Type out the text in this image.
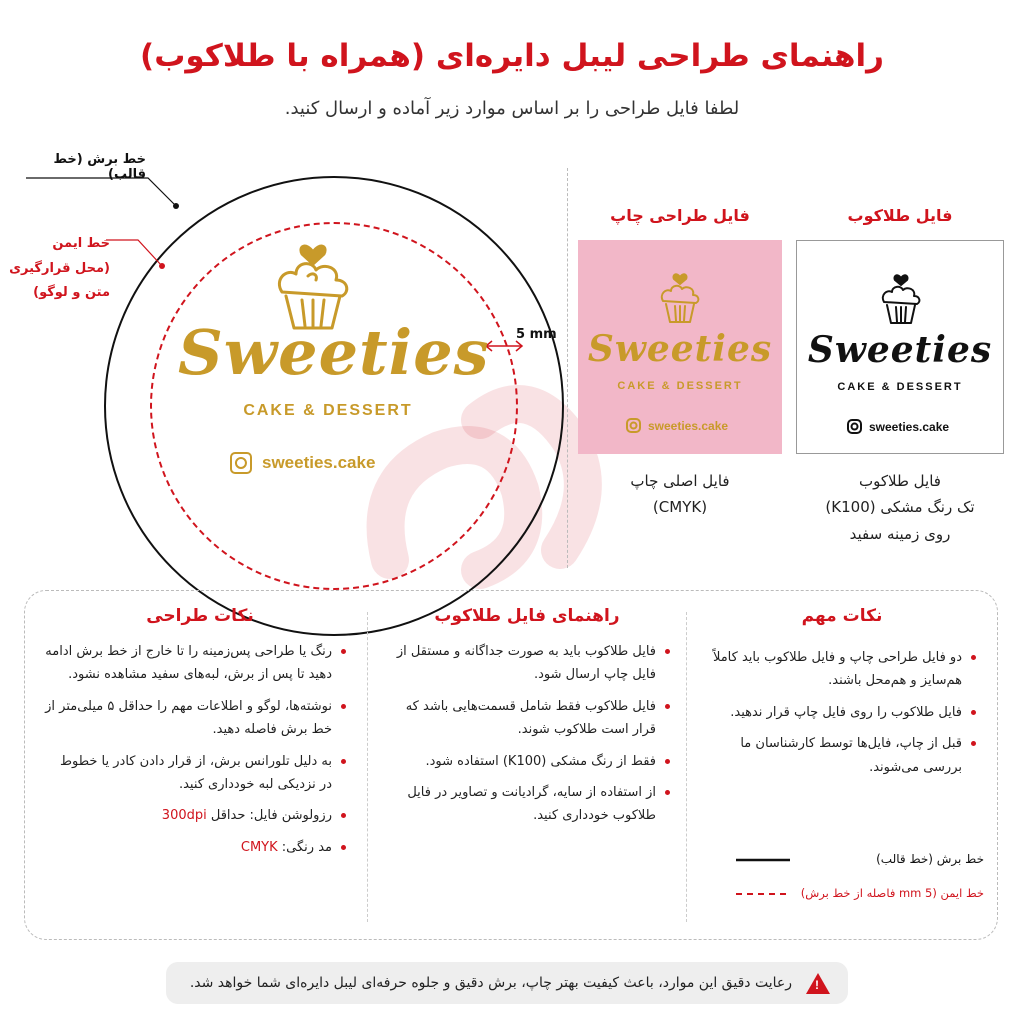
راهنمای طراحی لیبل دایره‌ای (همراه با طلاکوب)
لطفا فایل طراحی را بر اساس موارد زیر آماده و ارسال کنید.
خط برش (خط قالب)
خط ایمن
(محل قرارگیری
متن و لوگو)
5 mm
Sweeties
CAKE & DESSERT
sweeties.cake
فایل طراحی چاپ
Sweeties
CAKE & DESSERT
sweeties.cake
فایل اصلی چاپ
(CMYK)
فایل طلاکوب
Sweeties
CAKE & DESSERT
sweeties.cake
فایل طلاکوب
تک رنگ مشکی (K100)
روی زمینه سفید
نکات طراحی
رنگ یا طراحی پس‌زمینه را تا خارج از خط برش ادامه دهید تا پس از برش، لبه‌های سفید مشاهده نشود.
نوشته‌ها، لوگو و اطلاعات مهم را حداقل ۵ میلی‌متر از خط برش فاصله دهید.
به دلیل تلورانس برش، از قرار دادن کادر یا خطوط در نزدیکی لبه خودداری کنید.
رزولوشن فایل: حداقل 300dpi
مد رنگی: CMYK
راهنمای فایل طلاکوب
فایل طلاکوب باید به صورت جداگانه و مستقل از فایل چاپ ارسال شود.
فایل طلاکوب فقط شامل قسمت‌هایی باشد که قرار است طلاکوب شوند.
فقط از رنگ مشکی (K100) استفاده شود.
از استفاده از سایه، گرادیانت و تصاویر در فایل طلاکوب خودداری کنید.
نکات مهم
دو فایل طراحی چاپ و فایل طلاکوب باید کاملاً هم‌سایز و هم‌محل باشند.
فایل طلاکوب را روی فایل چاپ قرار ندهید.
قبل از چاپ، فایل‌ها توسط کارشناسان ما بررسی می‌شوند.
خط برش (خط قالب)
خط ایمن (5 mm فاصله از خط برش)
!
رعایت دقیق این موارد، باعث کیفیت بهتر چاپ، برش دقیق و جلوه حرفه‌ای لیبل دایره‌ای شما خواهد شد.
